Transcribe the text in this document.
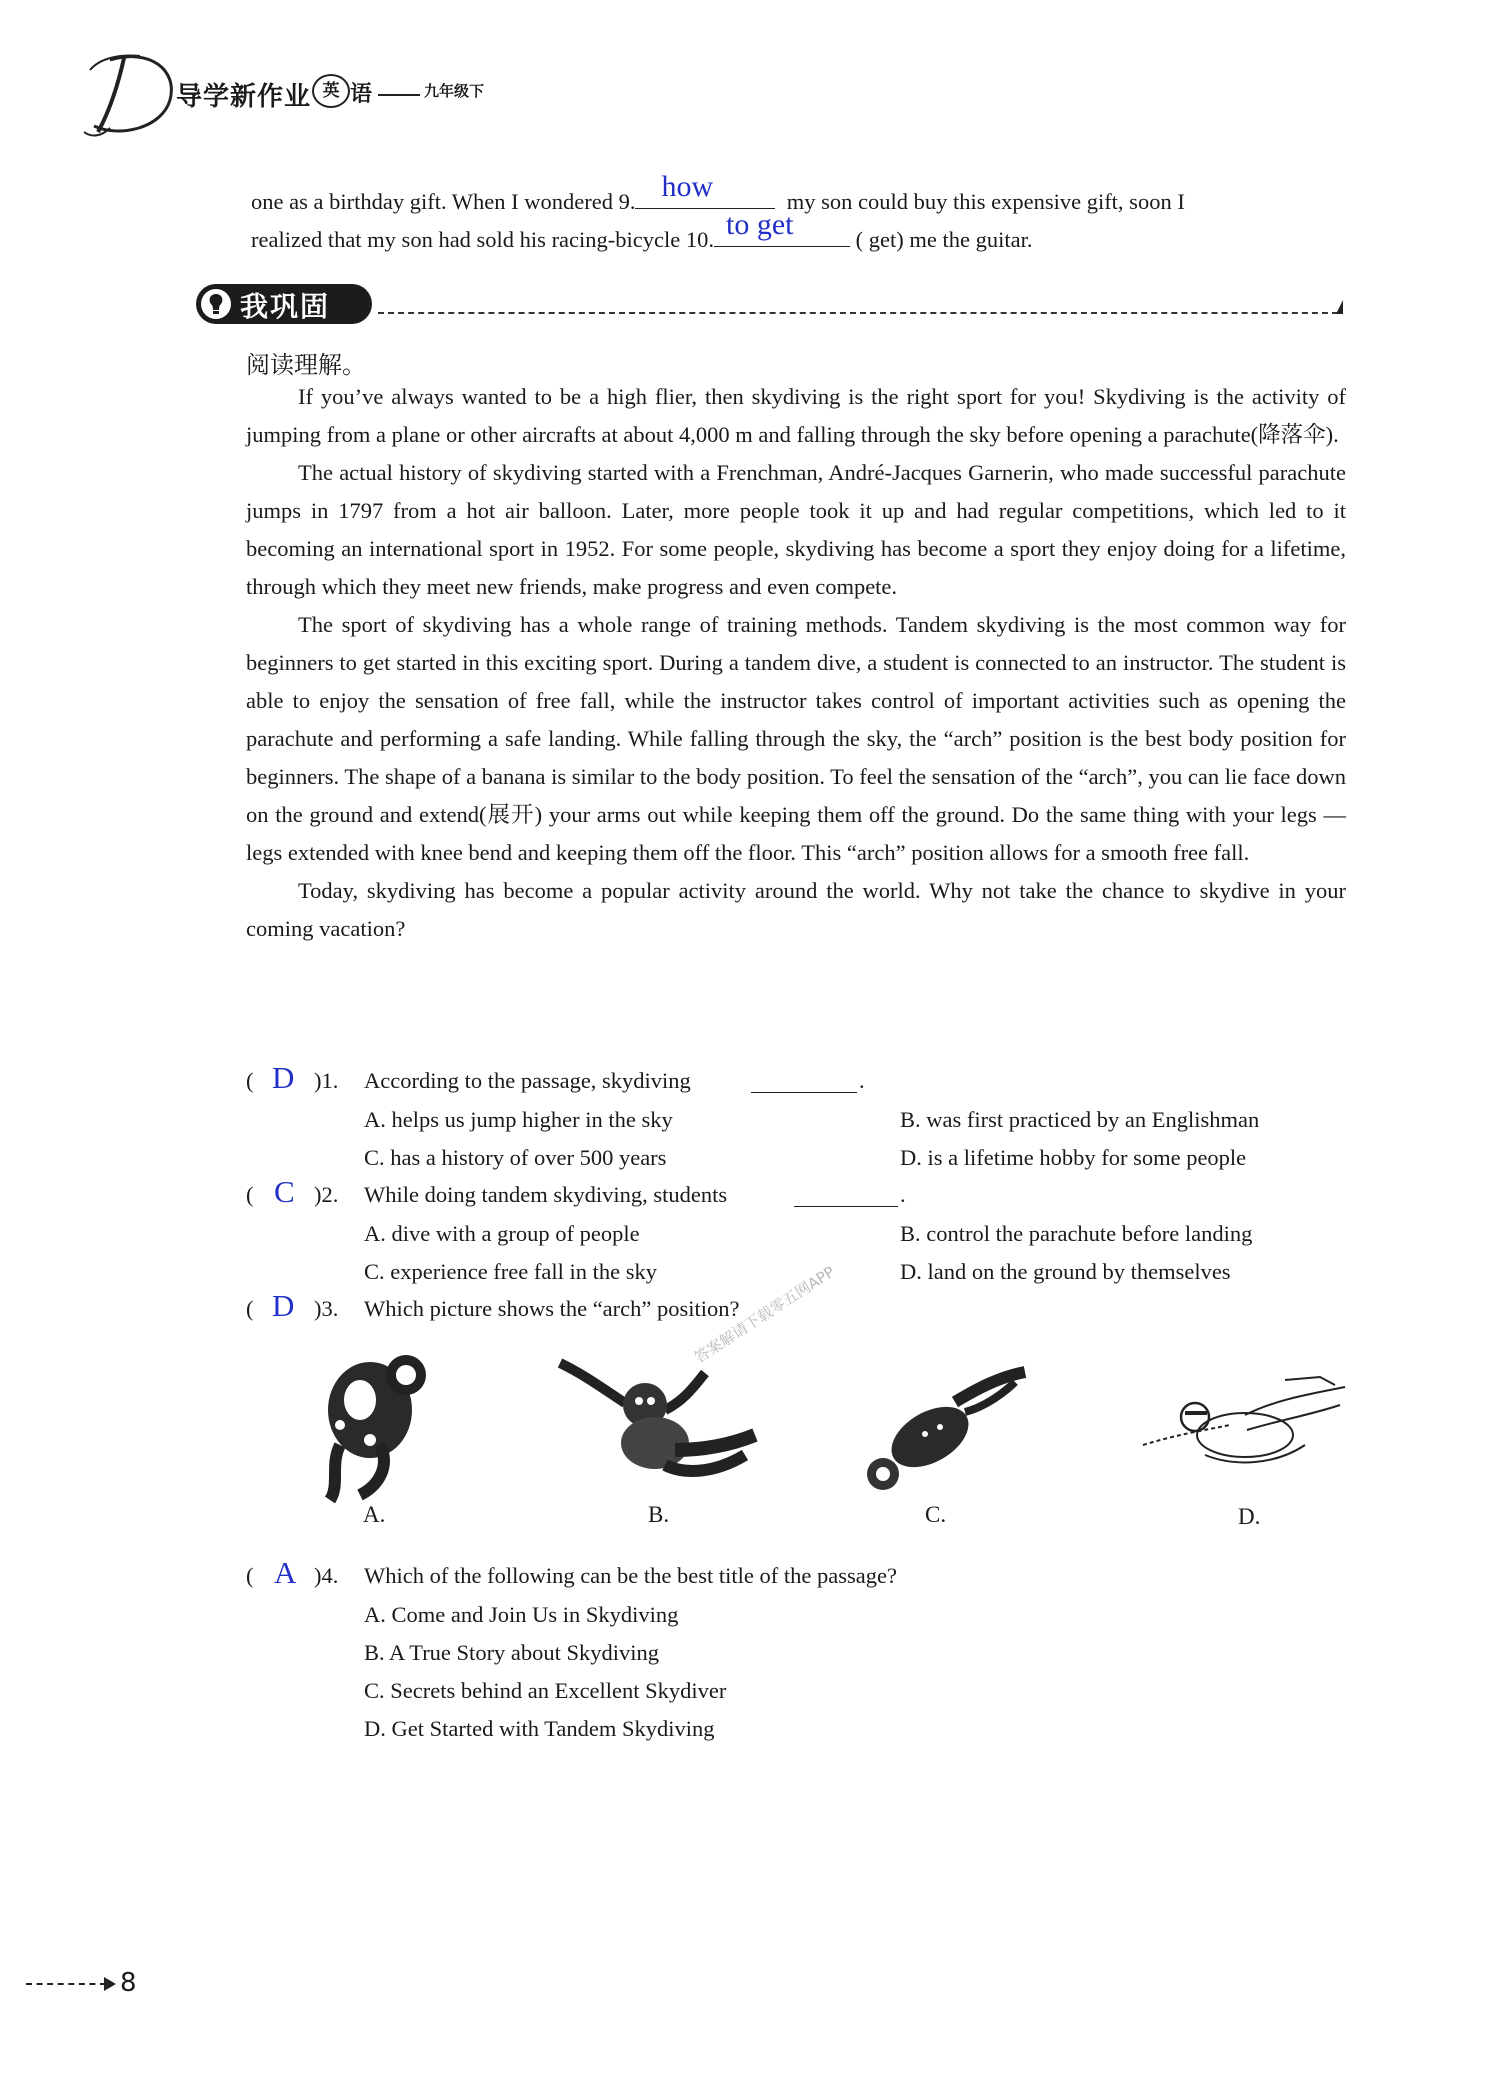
导学新作业 英 语	九年级下
one as a birthday gift. When I wondered 9. how	my son could buy this expensive gift, soon I
realized that my son had sold his racing-bicycle 10. to get	( get) me the guitar.
我巩固
阅读理解。

If you’ve always wanted to be a high flier, then skydiving is the right sport for you! Skydiving is the activity of jumping from a plane or other aircrafts at about 4,000 m and falling through the sky before opening a parachute(降落伞).

The actual history of skydiving started with a Frenchman, André-Jacques Garnerin, who made successful parachute jumps in 1797 from a hot air balloon. Later, more people took it up and had regular competitions, which led to it becoming an international sport in 1952. For some people, skydiving has become a sport they enjoy doing for a lifetime, through which they meet new friends, make progress and even compete.

The sport of skydiving has a whole range of training methods. Tandem skydiving is the most common way for beginners to get started in this exciting sport. During a tandem dive, a student is connected to an instructor. The student is able to enjoy the sensation of free fall, while the instructor takes control of important activities such as opening the parachute and performing a safe landing. While falling through the sky, the “arch” position is the best body position for beginners. The shape of a banana is similar to the body position. To feel the sensation of the “arch”, you can lie face down on the ground and extend(展开) your arms out while keeping them off the ground. Do the same thing with your legs — legs extended with knee bend and keeping them off the floor. This “arch” position allows for a smooth free fall.

Today, skydiving has become a popular activity around the world. Why not take the chance to skydive in your coming vacation?

( D )1. According to the passage, skydiving	.
A. helps us jump higher in the sky	B. was first practiced by an Englishman
C. has a history of over 500 years	D. is a lifetime hobby for some people
( C )2. While doing tandem skydiving, students	.
A. dive with a group of people	B. control the parachute before landing
C. experience free fall in the sky	D. land on the ground by themselves
( D )3. Which picture shows the “arch” position?
答案解请下载零五网APP
A.	B.	C.	D.
( A )4. Which of the following can be the best title of the passage?
A. Come and Join Us in Skydiving
B. A True Story about Skydiving
C. Secrets behind an Excellent Skydiver
D. Get Started with Tandem Skydiving
8
